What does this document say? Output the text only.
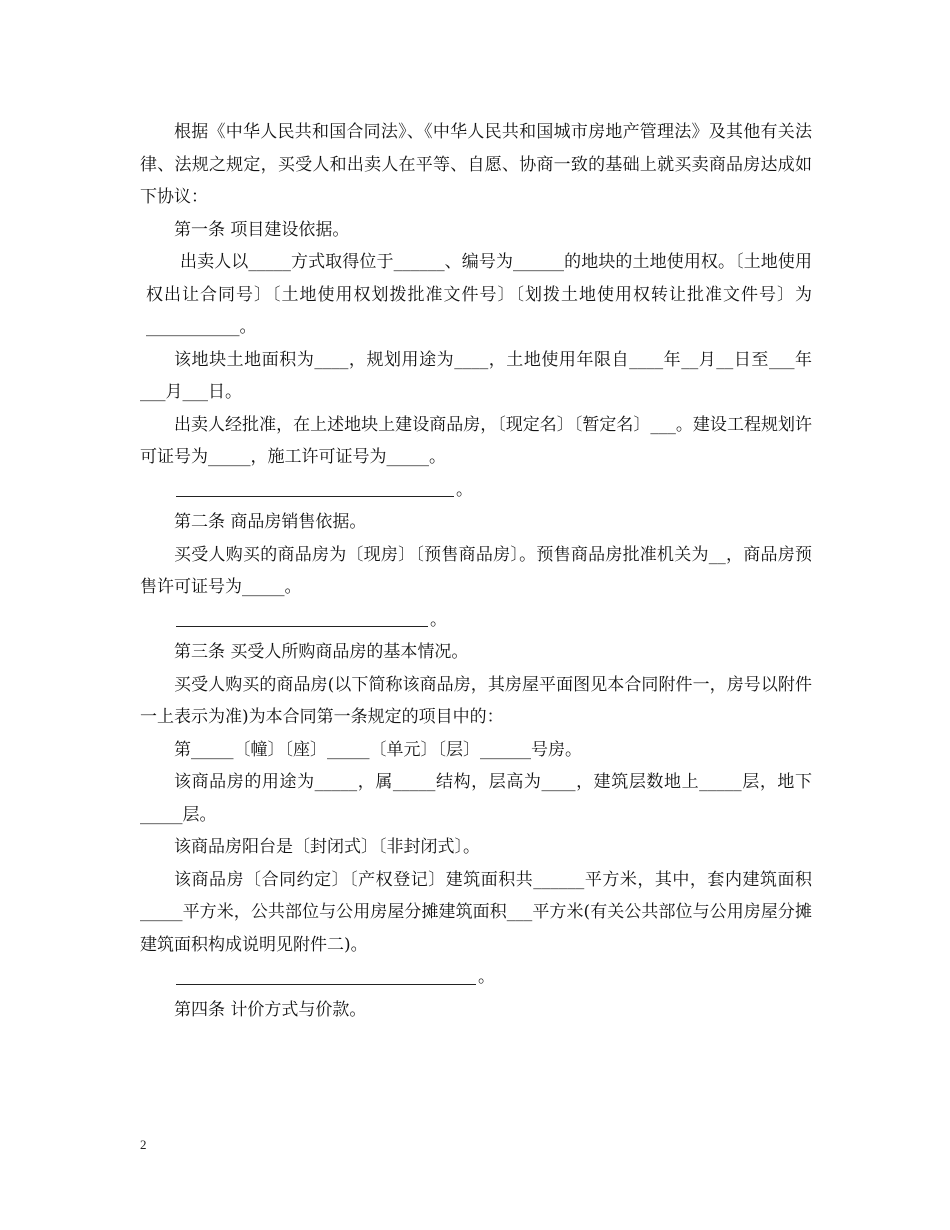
根据《中华人民共和国合同法》、《中华人民共和国城市房地产管理法》及其他有关法律、法规之规定，买受人和出卖人在平等、自愿、协商一致的基础上就买卖商品房达成如下协议：

第一条 项目建设依据。

出卖人以_____方式取得位于______、编号为______的地块的土地使用权。〔土地使用权出让合同号〕〔土地使用权划拨批准文件号〕〔划拨土地使用权转让批准文件号〕为___________。

该地块土地面积为____，规划用途为____，土地使用年限自____年__月__日至___年___月___日。

出卖人经批准，在上述地块上建设商品房，〔现定名〕〔暂定名〕___。建设工程规划许可证号为_____，施工许可证号为_____。

。

第二条 商品房销售依据。

买受人购买的商品房为〔现房〕〔预售商品房〕。预售商品房批准机关为__，商品房预售许可证号为_____。

。

第三条 买受人所购商品房的基本情况。

买受人购买的商品房(以下简称该商品房，其房屋平面图见本合同附件一，房号以附件一上表示为准)为本合同第一条规定的项目中的：

第_____〔幢〕〔座〕_____〔单元〕〔层〕______号房。

该商品房的用途为_____，属_____结构，层高为____，建筑层数地上_____层，地下_____层。

该商品房阳台是〔封闭式〕〔非封闭式〕。

该商品房〔合同约定〕〔产权登记〕建筑面积共______平方米，其中，套内建筑面积_____平方米，公共部位与公用房屋分摊建筑面积___平方米(有关公共部位与公用房屋分摊建筑面积构成说明见附件二)。

。

第四条 计价方式与价款。

2
